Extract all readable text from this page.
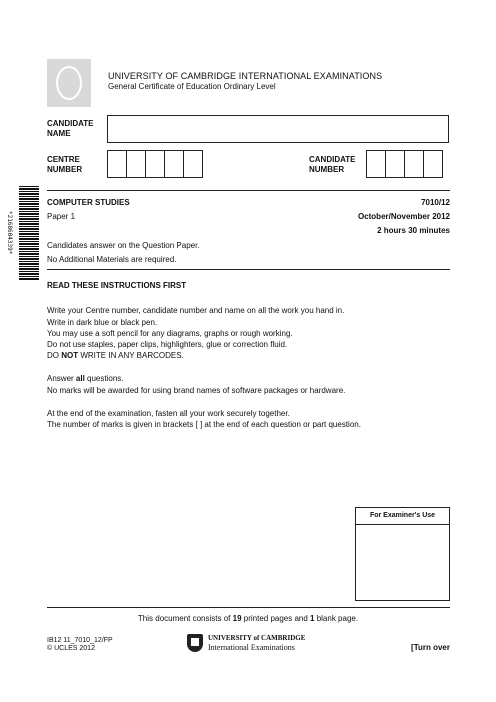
UNIVERSITY OF CAMBRIDGE INTERNATIONAL EXAMINATIONS
General Certificate of Education Ordinary Level
CANDIDATE
NAME
CENTRE
NUMBER
CANDIDATE
NUMBER
*2168604339*
COMPUTER STUDIES	7010/12
Paper 1	October/November 2012
2 hours 30 minutes
Candidates answer on the Question Paper.
No Additional Materials are required.
READ THESE INSTRUCTIONS FIRST
Write your Centre number, candidate number and name on all the work you hand in.
Write in dark blue or black pen.
You may use a soft pencil for any diagrams, graphs or rough working.
Do not use staples, paper clips, highlighters, glue or correction fluid.
DO NOT WRITE IN ANY BARCODES.
Answer all questions.
No marks will be awarded for using brand names of software packages or hardware.
At the end of the examination, fasten all your work securely together.
The number of marks is given in brackets [ ] at the end of each question or part question.
For Examiner's Use
This document consists of 19 printed pages and 1 blank page.
IB12 11_7010_12/FP
© UCLES 2012
UNIVERSITY of CAMBRIDGE
International Examinations	[Turn over
